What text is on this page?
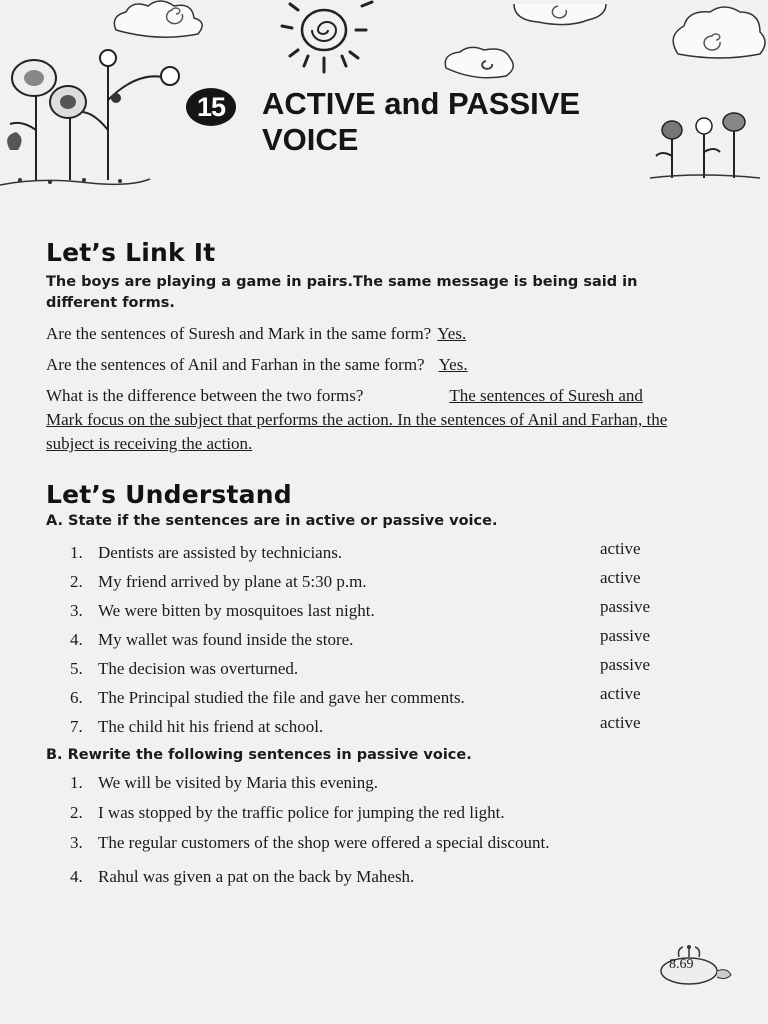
15	ACTIVE and PASSIVE VOICE
Let’s Link It
The boys are playing a game in pairs.The same message is being said in different forms.
Are the sentences of Suresh and Mark in the same form? Yes.
Are the sentences of Anil and Farhan in the same form? Yes.
What is the difference between the two forms?	The sentences of Suresh and Mark focus on the subject that performs the action. In the sentences of Anil and Farhan, the subject is receiving the action.
Let’s Understand
A. State if the sentences are in active or passive voice.
1. Dentists are assisted by technicians.	active
2. My friend arrived by plane at 5:30 p.m.	active
3. We were bitten by mosquitoes last night.	passive
4. My wallet was found inside the store.	passive
5. The decision was overturned.	passive
6. The Principal studied the file and gave her comments.	active
7. The child hit his friend at school.	active
B. Rewrite the following sentences in passive voice.
1. We will be visited by Maria this evening.
2. I was stopped by the traffic police for jumping the red light.
3. The regular customers of the shop were offered a special discount.
4. Rahul was given a pat on the back by Mahesh.
8.69
